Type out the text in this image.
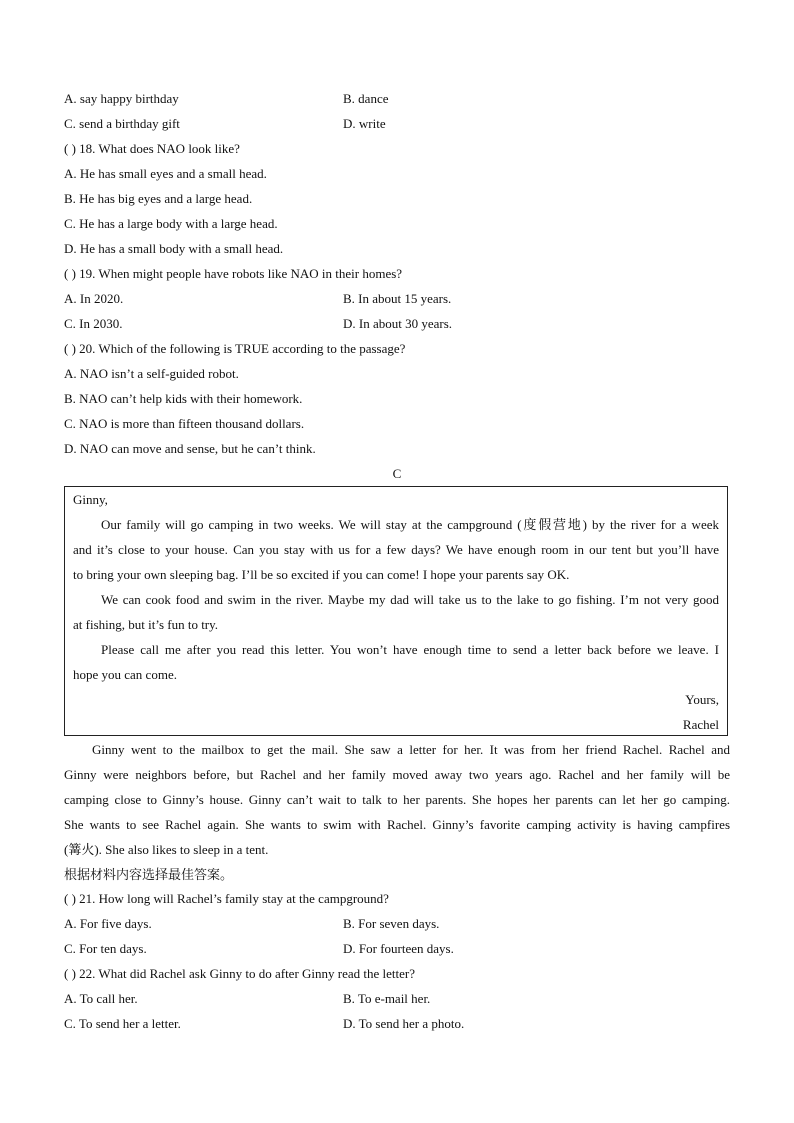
A. say happy birthday	B. dance
C. send a birthday gift	D. write
( ) 18. What does NAO look like?
A. He has small eyes and a small head.
B. He has big eyes and a large head.
C. He has a large body with a large head.
D. He has a small body with a small head.
( ) 19. When might people have robots like NAO in their homes?
A. In 2020.	B. In about 15 years.
C. In 2030.	D. In about 30 years.
( ) 20. Which of the following is TRUE according to the passage?
A. NAO isn’t a self-guided robot.
B. NAO can’t help kids with their homework.
C. NAO is more than fifteen thousand dollars.
D. NAO can move and sense, but he can’t think.
C
Ginny,
Our family will go camping in two weeks. We will stay at the campground (度假营地) by the river for a week
and it’s close to your house. Can you stay with us for a few days? We have enough room in our tent but you’ll have
to bring your own sleeping bag. I’ll be so excited if you can come! I hope your parents say OK.
We can cook food and swim in the river. Maybe my dad will take us to the lake to go fishing. I’m not very good
at fishing, but it’s fun to try.
Please call me after you read this letter. You won’t have enough time to send a letter back before we leave. I
hope you can come.
Yours,
Rachel
Ginny went to the mailbox to get the mail. She saw a letter for her. It was from her friend Rachel. Rachel and
Ginny were neighbors before, but Rachel and her family moved away two years ago. Rachel and her family will be
camping close to Ginny’s house. Ginny can’t wait to talk to her parents. She hopes her parents can let her go camping.
She wants to see Rachel again. She wants to swim with Rachel. Ginny’s favorite camping activity is having campfires
(篝火). She also likes to sleep in a tent.
根据材料内容选择最佳答案。
( ) 21. How long will Rachel’s family stay at the campground?
A. For five days.	B. For seven days.
C. For ten days.	D. For fourteen days.
( ) 22. What did Rachel ask Ginny to do after Ginny read the letter?
A. To call her.	B. To e-mail her.
C. To send her a letter.	D. To send her a photo.
